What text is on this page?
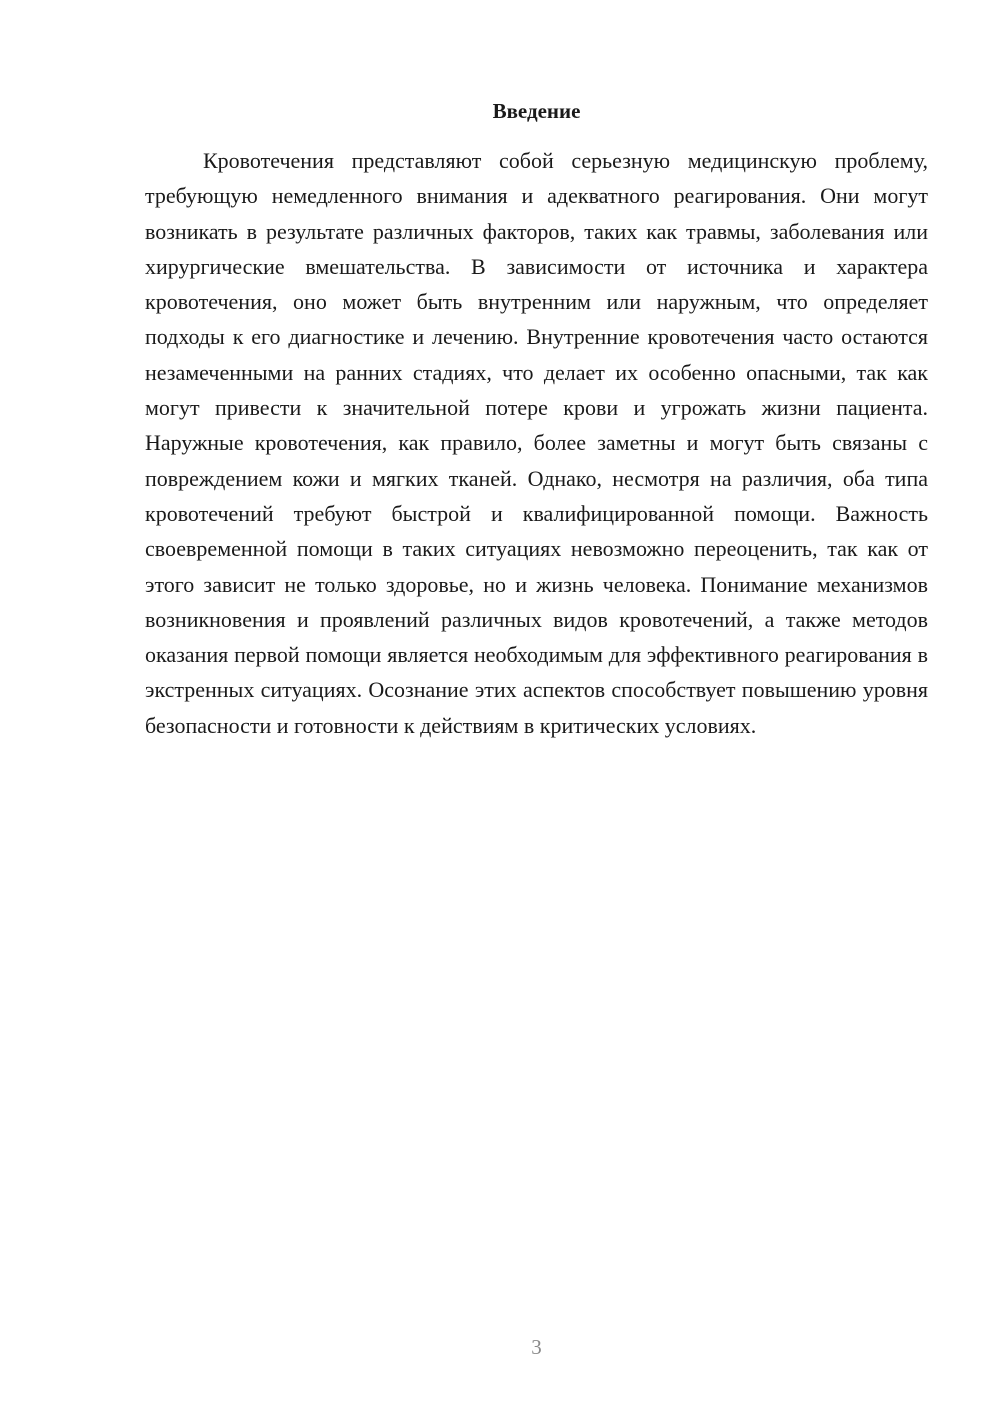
Введение

Кровотечения представляют собой серьезную медицинскую проблему, требующую немедленного внимания и адекватного реагирования. Они могут возникать в результате различных факторов, таких как травмы, заболевания или хирургические вмешательства. В зависимости от источника и характера кровотечения, оно может быть внутренним или наружным, что определяет подходы к его диагностике и лечению. Внутренние кровотечения часто остаются незамеченными на ранних стадиях, что делает их особенно опасными, так как могут привести к значительной потере крови и угрожать жизни пациента. Наружные кровотечения, как правило, более заметны и могут быть связаны с повреждением кожи и мягких тканей. Однако, несмотря на различия, оба типа кровотечений требуют быстрой и квалифицированной помощи. Важность своевременной помощи в таких ситуациях невозможно переоценить, так как от этого зависит не только здоровье, но и жизнь человека. Понимание механизмов возникновения и проявлений различных видов кровотечений, а также методов оказания первой помощи является необходимым для эффективного реагирования в экстренных ситуациях. Осознание этих аспектов способствует повышению уровня безопасности и готовности к действиям в критических условиях.

3
